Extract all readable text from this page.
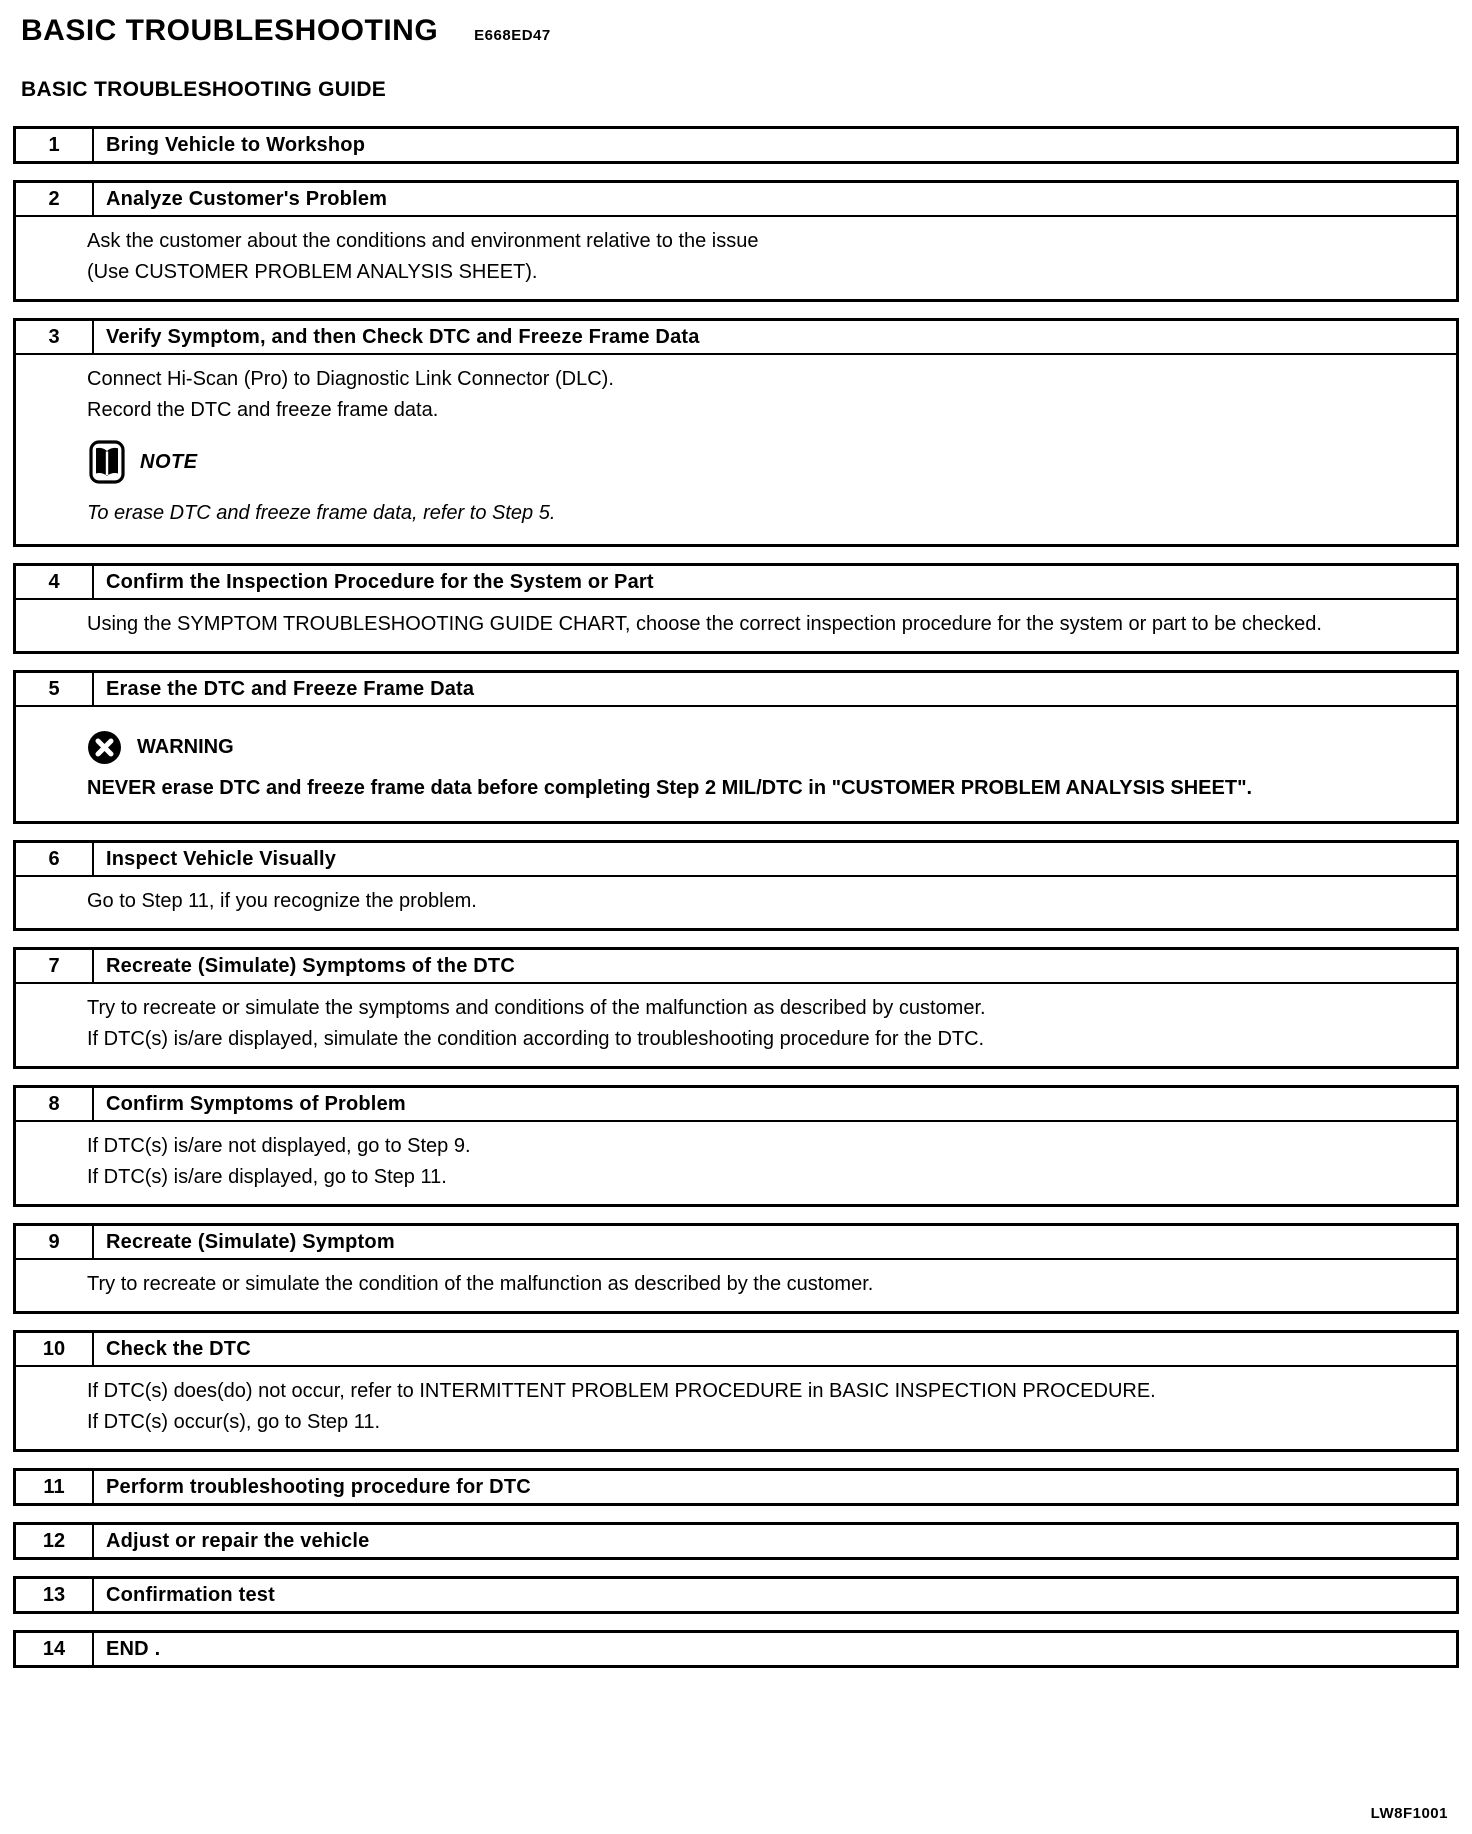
BASIC TROUBLESHOOTING E668ED47
BASIC TROUBLESHOOTING GUIDE
1	Bring Vehicle to Workshop
2	Analyze Customer's Problem

Ask the customer about the conditions and environment relative to the issue

(Use CUSTOMER PROBLEM ANALYSIS SHEET).

3	Verify Symptom, and then Check DTC and Freeze Frame Data

Connect Hi-Scan (Pro) to Diagnostic Link Connector (DLC).

Record the DTC and freeze frame data.

NOTE

To erase DTC and freeze frame data, refer to Step 5.

4	Confirm the Inspection Procedure for the System or Part

Using the SYMPTOM TROUBLESHOOTING GUIDE CHART, choose the correct inspection procedure for the system or part to be checked.

5	Erase the DTC and Freeze Frame Data
WARNING

NEVER erase DTC and freeze frame data before completing Step 2 MIL/DTC in "CUSTOMER PROBLEM ANALYSIS SHEET".

6	Inspect Vehicle Visually

Go to Step 11, if you recognize the problem.

7	Recreate (Simulate) Symptoms of the DTC

Try to recreate or simulate the symptoms and conditions of the malfunction as described by customer.

If DTC(s) is/are displayed, simulate the condition according to troubleshooting procedure for the DTC.

8	Confirm Symptoms of Problem

If DTC(s) is/are not displayed, go to Step 9.

If DTC(s) is/are displayed, go to Step 11.

9	Recreate (Simulate) Symptom

Try to recreate or simulate the condition of the malfunction as described by the customer.

10	Check the DTC

If DTC(s) does(do) not occur, refer to INTERMITTENT PROBLEM PROCEDURE in BASIC INSPECTION PROCEDURE.

If DTC(s) occur(s), go to Step 11.

11	Perform troubleshooting procedure for DTC
12	Adjust or repair the vehicle
13	Confirmation test
14	END .
LW8F1001
